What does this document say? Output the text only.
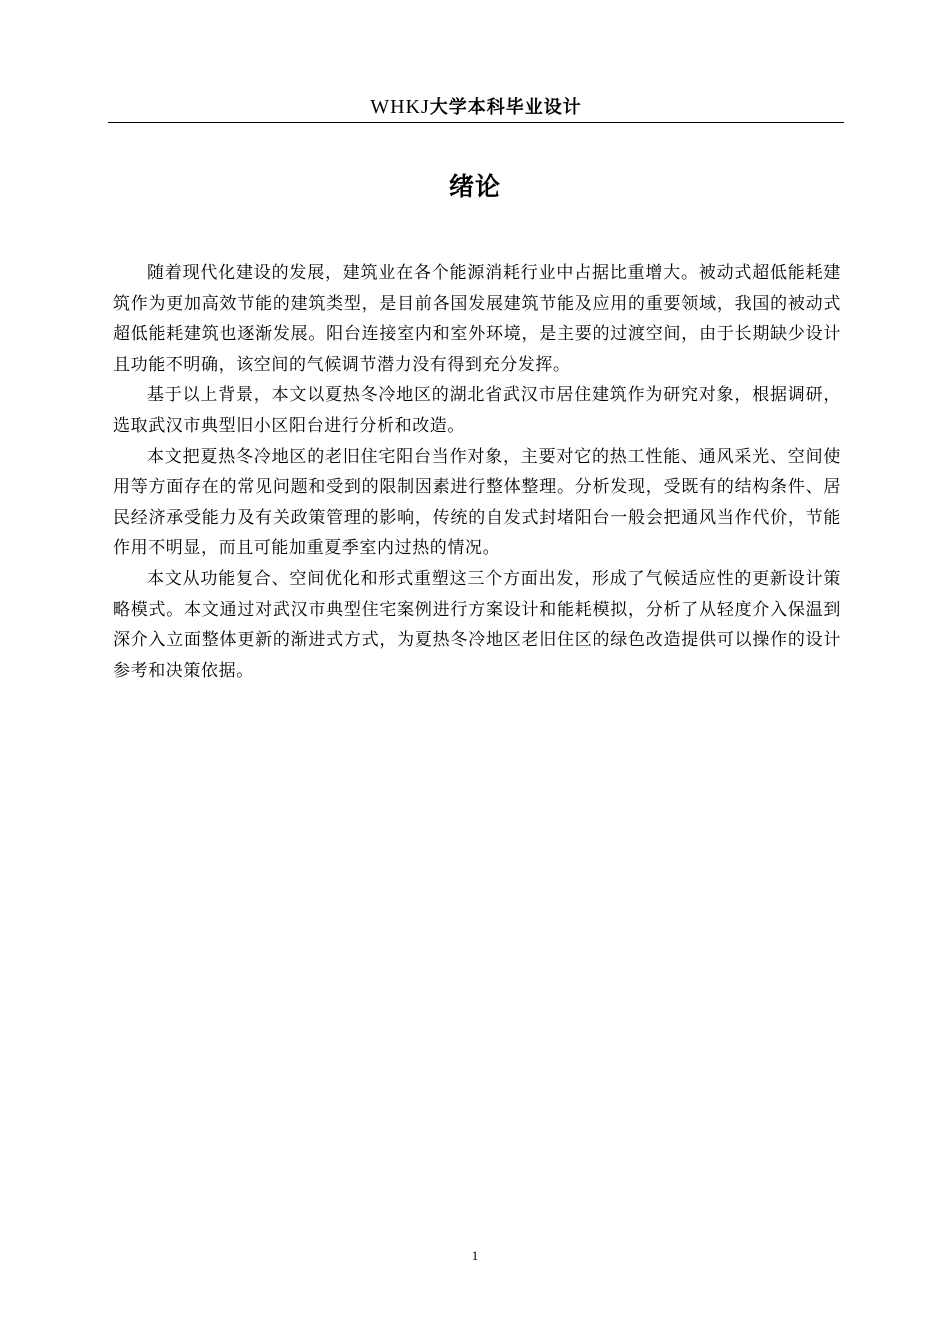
WHKJ大学本科毕业设计
绪论

随着现代化建设的发展，建筑业在各个能源消耗行业中占据比重增大。被动式超低能耗建筑作为更加高效节能的建筑类型，是目前各国发展建筑节能及应用的重要领域，我国的被动式超低能耗建筑也逐渐发展。阳台连接室内和室外环境，是主要的过渡空间，由于长期缺少设计且功能不明确，该空间的气候调节潜力没有得到充分发挥。

基于以上背景，本文以夏热冬冷地区的湖北省武汉市居住建筑作为研究对象，根据调研，选取武汉市典型旧小区阳台进行分析和改造。

本文把夏热冬冷地区的老旧住宅阳台当作对象，主要对它的热工性能、通风采光、空间使用等方面存在的常见问题和受到的限制因素进行整体整理。分析发现，受既有的结构条件、居民经济承受能力及有关政策管理的影响，传统的自发式封堵阳台一般会把通风当作代价，节能作用不明显，而且可能加重夏季室内过热的情况。

本文从功能复合、空间优化和形式重塑这三个方面出发，形成了气候适应性的更新设计策略模式。本文通过对武汉市典型住宅案例进行方案设计和能耗模拟，分析了从轻度介入保温到深介入立面整体更新的渐进式方式，为夏热冬冷地区老旧住区的绿色改造提供可以操作的设计参考和决策依据。

1
